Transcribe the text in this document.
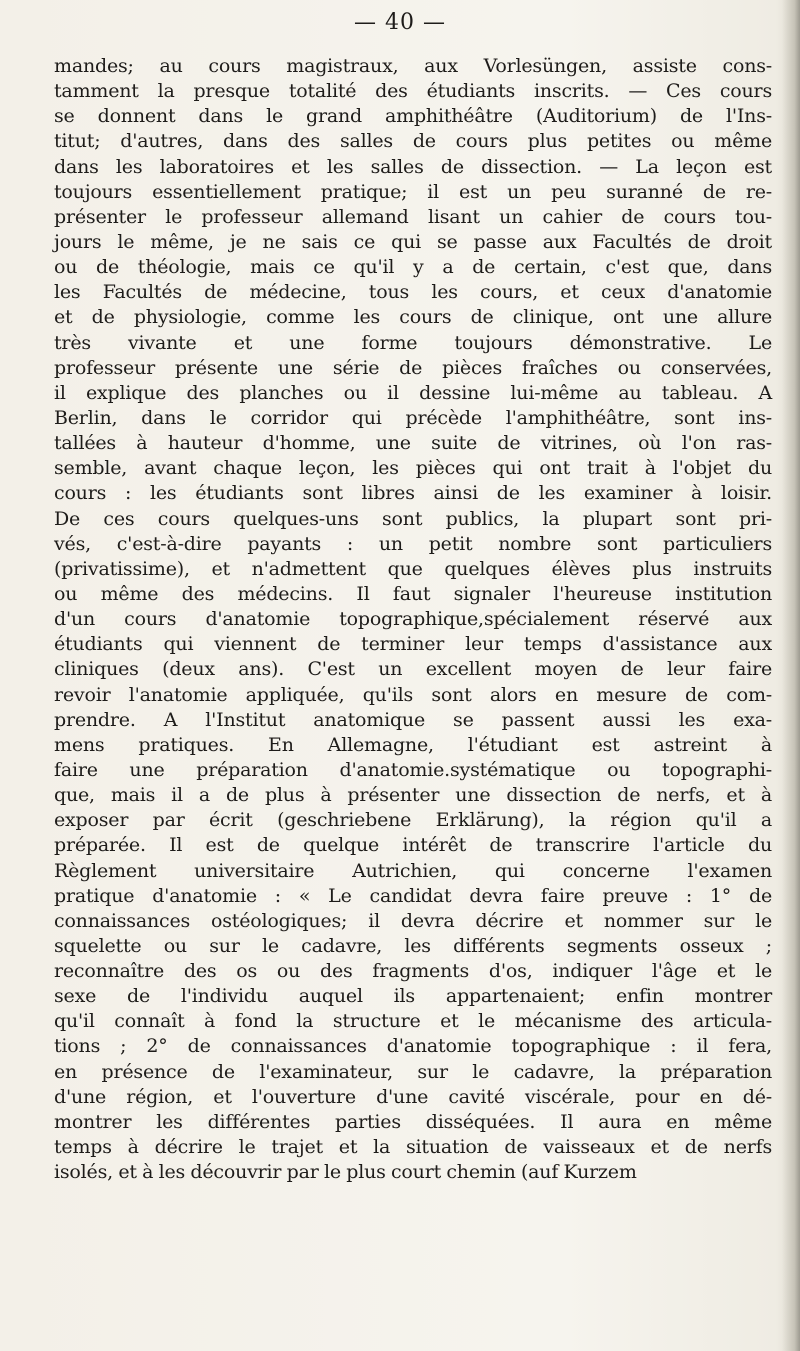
— 40 —
mandes; au cours magistraux, aux Vorlesüngen, assiste cons-
tamment la presque totalité des étudiants inscrits. — Ces cours
se donnent dans le grand amphithéâtre (Auditorium) de l'Ins-
titut; d'autres, dans des salles de cours plus petites ou même
dans les laboratoires et les salles de dissection. — La leçon est
toujours essentiellement pratique; il est un peu suranné de re-
présenter le professeur allemand lisant un cahier de cours tou-
jours le même, je ne sais ce qui se passe aux Facultés de droit
ou de théologie, mais ce qu'il y a de certain, c'est que, dans
les Facultés de médecine, tous les cours, et ceux d'anatomie
et de physiologie, comme les cours de clinique, ont une allure
très vivante et une forme toujours démonstrative. Le
professeur présente une série de pièces fraîches ou conservées,
il explique des planches ou il dessine lui-même au tableau. A
Berlin, dans le corridor qui précède l'amphithéâtre, sont ins-
tallées à hauteur d'homme, une suite de vitrines, où l'on ras-
semble, avant chaque leçon, les pièces qui ont trait à l'objet du
cours : les étudiants sont libres ainsi de les examiner à loisir.
De ces cours quelques-uns sont publics, la plupart sont pri-
vés, c'est-à-dire payants : un petit nombre sont particuliers
(privatissime), et n'admettent que quelques élèves plus instruits
ou même des médecins. Il faut signaler l'heureuse institution
d'un cours d'anatomie topographique,spécialement réservé aux
étudiants qui viennent de terminer leur temps d'assistance aux
cliniques (deux ans). C'est un excellent moyen de leur faire
revoir l'anatomie appliquée, qu'ils sont alors en mesure de com-
prendre. A l'Institut anatomique se passent aussi les exa-
mens pratiques. En Allemagne, l'étudiant est astreint à
faire une préparation d'anatomie.systématique ou topographi-
que, mais il a de plus à présenter une dissection de nerfs, et à
exposer par écrit (geschriebene Erklärung), la région qu'il a
préparée. Il est de quelque intérêt de transcrire l'article du
Règlement universitaire Autrichien, qui concerne l'examen
pratique d'anatomie : « Le candidat devra faire preuve : 1° de
connaissances ostéologiques; il devra décrire et nommer sur le
squelette ou sur le cadavre, les différents segments osseux ;
reconnaître des os ou des fragments d'os, indiquer l'âge et le
sexe de l'individu auquel ils appartenaient; enfin montrer
qu'il connaît à fond la structure et le mécanisme des articula-
tions ; 2° de connaissances d'anatomie topographique : il fera,
en présence de l'examinateur, sur le cadavre, la préparation
d'une région, et l'ouverture d'une cavité viscérale, pour en dé-
montrer les différentes parties disséquées. Il aura en même
temps à décrire le trajet et la situation de vaisseaux et de nerfs
isolés, et à les découvrir par le plus court chemin (auf Kurzem
